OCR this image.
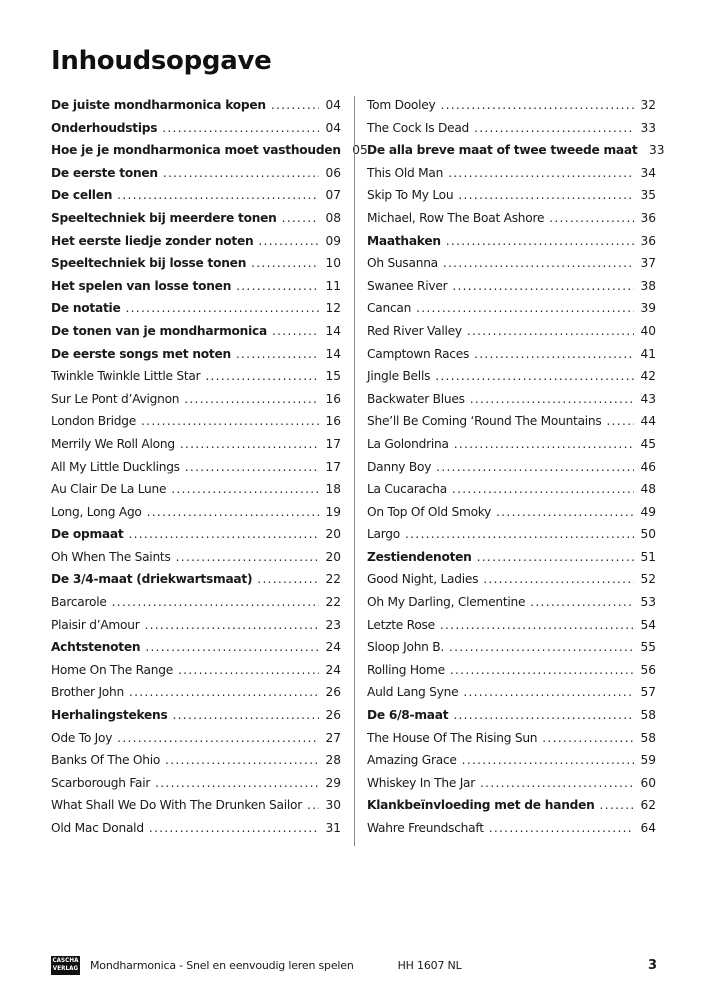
Inhoudsopgave
De juiste mondharmonica kopen . . .	04
Onderhoudstips . . .	04
Hoe je je mondharmonica moet vasthouden 05
De eerste tonen . . .	06
De cellen . . .	07
Speeltechniek bij meerdere tonen . . .	08
Het eerste liedje zonder noten . . .	09
Speeltechniek bij losse tonen . . .	10
Het spelen van losse tonen . . .	11
De notatie . . .	12
De tonen van je mondharmonica . . .	14
De eerste songs met noten . . .	14
Twinkle Twinkle Little Star . . .	15
Sur Le Pont d’Avignon . . .	16
London Bridge . . .	16
Merrily We Roll Along . . .	17
All My Little Ducklings . . .	17
Au Clair De La Lune . . .	18
Long, Long Ago . . .	19
De opmaat . . .	20
Oh When The Saints . . .	20
De 3/4-maat (driekwartsmaat) . . .	22
Barcarole . . .	22
Plaisir d’Amour . . .	23
Achtstenoten . . .	24
Home On The Range . . .	24
Brother John . . .	26
Herhalingstekens . . .	26
Ode To Joy . . .	27
Banks Of The Ohio . . .	28
Scarborough Fair . . .	29
What Shall We Do With The Drunken Sailor . . . 30
Old Mac Donald . . .	31
Tom Dooley . . .	32
The Cock Is Dead . . .	33
De alla breve maat of twee tweede maat 33
This Old Man . . .	34
Skip To My Lou . . .	35
Michael, Row The Boat Ashore . . .	36
Maathaken . . .	36
Oh Susanna . . .	37
Swanee River . . .	38
Cancan . . .	39
Red River Valley . . .	40
Camptown Races . . .	41
Jingle Bells . . .	42
Backwater Blues . . .	43
She’ll Be Coming ‘Round The Mountains . . .	44
La Golondrina . . .	45
Danny Boy . . .	46
La Cucaracha . . .	48
On Top Of Old Smoky . . .	49
Largo . . .	50
Zestiendenoten . . .	51
Good Night, Ladies . . .	52
Oh My Darling, Clementine . . .	53
Letzte Rose . . .	54
Sloop John B. . . .	55
Rolling Home . . .	56
Auld Lang Syne . . .	57
De 6/8-maat . . .	58
The House Of The Rising Sun . . .	58
Amazing Grace . . .	59
Whiskey In The Jar . . .	60
Klankbeïnvloeding met de handen . . .	62
Wahre Freundschaft . . .	64
CASCHA
VERLAG Mondharmonica - Snel en eenvoudig leren spelen	HH 1607 NL	3
